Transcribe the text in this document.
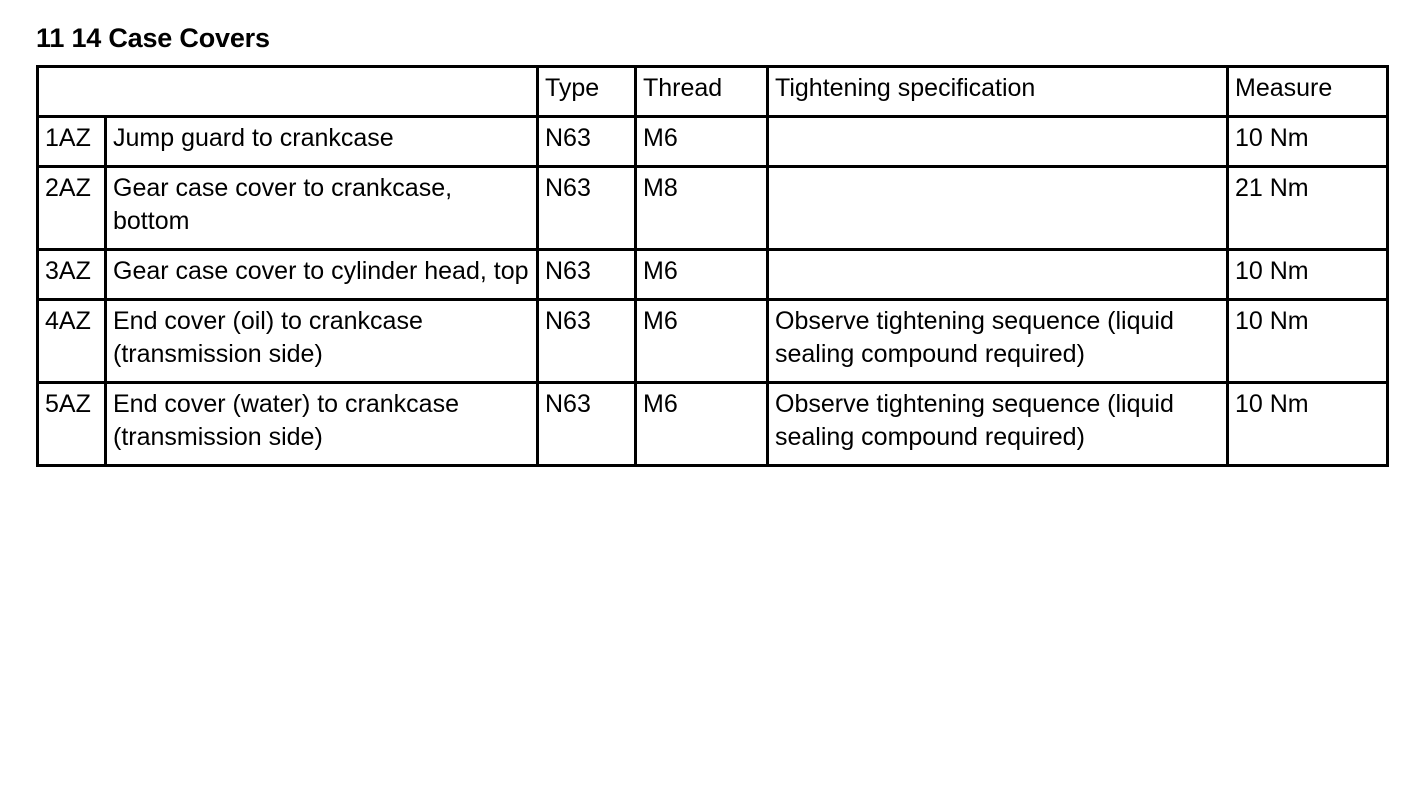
11 14 Case Covers
		Type	Thread	Tightening specification	Measure
1AZ	Jump guard to crankcase	N63	M6		10 Nm
2AZ	Gear case cover to crankcase, bottom	N63	M8		21 Nm
3AZ	Gear case cover to cylinder head, top	N63	M6		10 Nm
4AZ	End cover (oil) to crankcase (transmission side)	N63	M6	Observe tightening sequence (liquid sealing compound required)	10 Nm
5AZ	End cover (water) to crankcase (transmission side)	N63	M6	Observe tightening sequence (liquid sealing compound required)	10 Nm
